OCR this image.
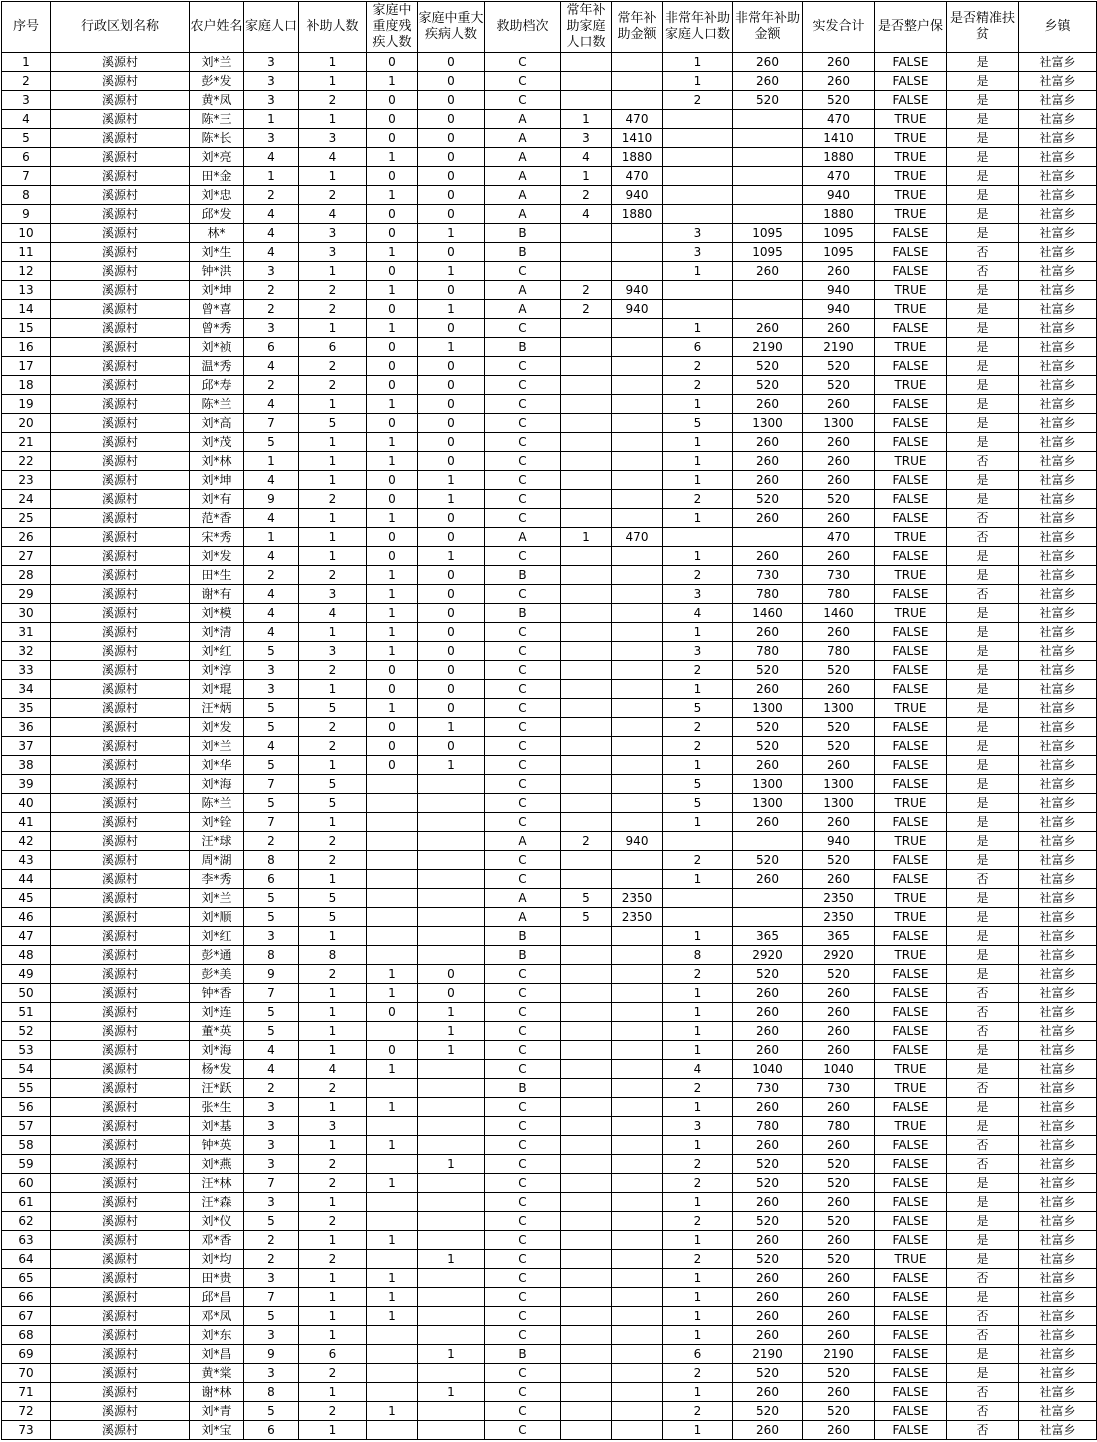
序号	行政区划名称	农户姓名	家庭人口	补助人数	家庭中重度残疾人数	家庭中重大疾病人数	救助档次	常年补助家庭人口数	常年补助金额	非常年补助家庭人口数	非常年补助金额	实发合计	是否整户保	是否精准扶贫	乡镇
1	溪源村	刘*兰	3	1	0	0	C			1	260	260	FALSE	是	社富乡
2	溪源村	彭*发	3	1	1	0	C			1	260	260	FALSE	是	社富乡
3	溪源村	黄*凤	3	2	0	0	C			2	520	520	FALSE	是	社富乡
4	溪源村	陈*三	1	1	0	0	A	1	470			470	TRUE	是	社富乡
5	溪源村	陈*长	3	3	0	0	A	3	1410			1410	TRUE	是	社富乡
6	溪源村	刘*亮	4	4	1	0	A	4	1880			1880	TRUE	是	社富乡
7	溪源村	田*金	1	1	0	0	A	1	470			470	TRUE	是	社富乡
8	溪源村	刘*忠	2	2	1	0	A	2	940			940	TRUE	是	社富乡
9	溪源村	邱*发	4	4	0	0	A	4	1880			1880	TRUE	是	社富乡
10	溪源村	林*	4	3	0	1	B			3	1095	1095	FALSE	是	社富乡
11	溪源村	刘*生	4	3	1	0	B			3	1095	1095	FALSE	否	社富乡
12	溪源村	钟*洪	3	1	0	1	C			1	260	260	FALSE	否	社富乡
13	溪源村	刘*坤	2	2	1	0	A	2	940			940	TRUE	是	社富乡
14	溪源村	曾*喜	2	2	0	1	A	2	940			940	TRUE	是	社富乡
15	溪源村	曾*秀	3	1	1	0	C			1	260	260	FALSE	是	社富乡
16	溪源村	刘*祯	6	6	0	1	B			6	2190	2190	TRUE	是	社富乡
17	溪源村	温*秀	4	2	0	0	C			2	520	520	FALSE	是	社富乡
18	溪源村	邱*寿	2	2	0	0	C			2	520	520	TRUE	是	社富乡
19	溪源村	陈*兰	4	1	1	0	C			1	260	260	FALSE	是	社富乡
20	溪源村	刘*高	7	5	0	0	C			5	1300	1300	FALSE	是	社富乡
21	溪源村	刘*茂	5	1	1	0	C			1	260	260	FALSE	是	社富乡
22	溪源村	刘*林	1	1	1	0	C			1	260	260	TRUE	否	社富乡
23	溪源村	刘*坤	4	1	0	1	C			1	260	260	FALSE	是	社富乡
24	溪源村	刘*有	9	2	0	1	C			2	520	520	FALSE	是	社富乡
25	溪源村	范*香	4	1	1	0	C			1	260	260	FALSE	否	社富乡
26	溪源村	宋*秀	1	1	0	0	A	1	470			470	TRUE	否	社富乡
27	溪源村	刘*发	4	1	0	1	C			1	260	260	FALSE	是	社富乡
28	溪源村	田*生	2	2	1	0	B			2	730	730	TRUE	是	社富乡
29	溪源村	谢*有	4	3	1	0	C			3	780	780	FALSE	否	社富乡
30	溪源村	刘*模	4	4	1	0	B			4	1460	1460	TRUE	是	社富乡
31	溪源村	刘*清	4	1	1	0	C			1	260	260	FALSE	是	社富乡
32	溪源村	刘*红	5	3	1	0	C			3	780	780	FALSE	是	社富乡
33	溪源村	刘*淳	3	2	0	0	C			2	520	520	FALSE	是	社富乡
34	溪源村	刘*琨	3	1	0	0	C			1	260	260	FALSE	是	社富乡
35	溪源村	汪*炳	5	5	1	0	C			5	1300	1300	TRUE	是	社富乡
36	溪源村	刘*发	5	2	0	1	C			2	520	520	FALSE	是	社富乡
37	溪源村	刘*兰	4	2	0	0	C			2	520	520	FALSE	是	社富乡
38	溪源村	刘*华	5	1	0	1	C			1	260	260	FALSE	是	社富乡
39	溪源村	刘*海	7	5			C			5	1300	1300	FALSE	是	社富乡
40	溪源村	陈*兰	5	5			C			5	1300	1300	TRUE	是	社富乡
41	溪源村	刘*铨	7	1			C			1	260	260	FALSE	是	社富乡
42	溪源村	汪*球	2	2			A	2	940			940	TRUE	是	社富乡
43	溪源村	周*湖	8	2			C			2	520	520	FALSE	是	社富乡
44	溪源村	李*秀	6	1			C			1	260	260	FALSE	否	社富乡
45	溪源村	刘*兰	5	5			A	5	2350			2350	TRUE	是	社富乡
46	溪源村	刘*顺	5	5			A	5	2350			2350	TRUE	是	社富乡
47	溪源村	刘*红	3	1			B			1	365	365	FALSE	是	社富乡
48	溪源村	彭*通	8	8			B			8	2920	2920	TRUE	是	社富乡
49	溪源村	彭*美	9	2	1	0	C			2	520	520	FALSE	是	社富乡
50	溪源村	钟*香	7	1	1	0	C			1	260	260	FALSE	否	社富乡
51	溪源村	刘*连	5	1	0	1	C			1	260	260	FALSE	否	社富乡
52	溪源村	董*英	5	1		1	C			1	260	260	FALSE	否	社富乡
53	溪源村	刘*海	4	1	0	1	C			1	260	260	FALSE	是	社富乡
54	溪源村	杨*发	4	4	1		C			4	1040	1040	TRUE	是	社富乡
55	溪源村	汪*跃	2	2			B			2	730	730	TRUE	否	社富乡
56	溪源村	张*生	3	1	1		C			1	260	260	FALSE	是	社富乡
57	溪源村	刘*基	3	3			C			3	780	780	TRUE	是	社富乡
58	溪源村	钟*英	3	1	1		C			1	260	260	FALSE	否	社富乡
59	溪源村	刘*燕	3	2		1	C			2	520	520	FALSE	否	社富乡
60	溪源村	汪*林	7	2	1		C			2	520	520	FALSE	是	社富乡
61	溪源村	汪*森	3	1			C			1	260	260	FALSE	是	社富乡
62	溪源村	刘*仪	5	2			C			2	520	520	FALSE	是	社富乡
63	溪源村	邓*香	2	1	1		C			1	260	260	FALSE	是	社富乡
64	溪源村	刘*均	2	2		1	C			2	520	520	TRUE	是	社富乡
65	溪源村	田*贵	3	1	1		C			1	260	260	FALSE	否	社富乡
66	溪源村	邱*昌	7	1	1		C			1	260	260	FALSE	是	社富乡
67	溪源村	邓*凤	5	1	1		C			1	260	260	FALSE	否	社富乡
68	溪源村	刘*东	3	1			C			1	260	260	FALSE	否	社富乡
69	溪源村	刘*昌	9	6		1	B			6	2190	2190	FALSE	是	社富乡
70	溪源村	黄*棠	3	2			C			2	520	520	FALSE	是	社富乡
71	溪源村	谢*林	8	1		1	C			1	260	260	FALSE	否	社富乡
72	溪源村	刘*青	5	2	1		C			2	520	520	FALSE	否	社富乡
73	溪源村	刘*宝	6	1			C			1	260	260	FALSE	否	社富乡
